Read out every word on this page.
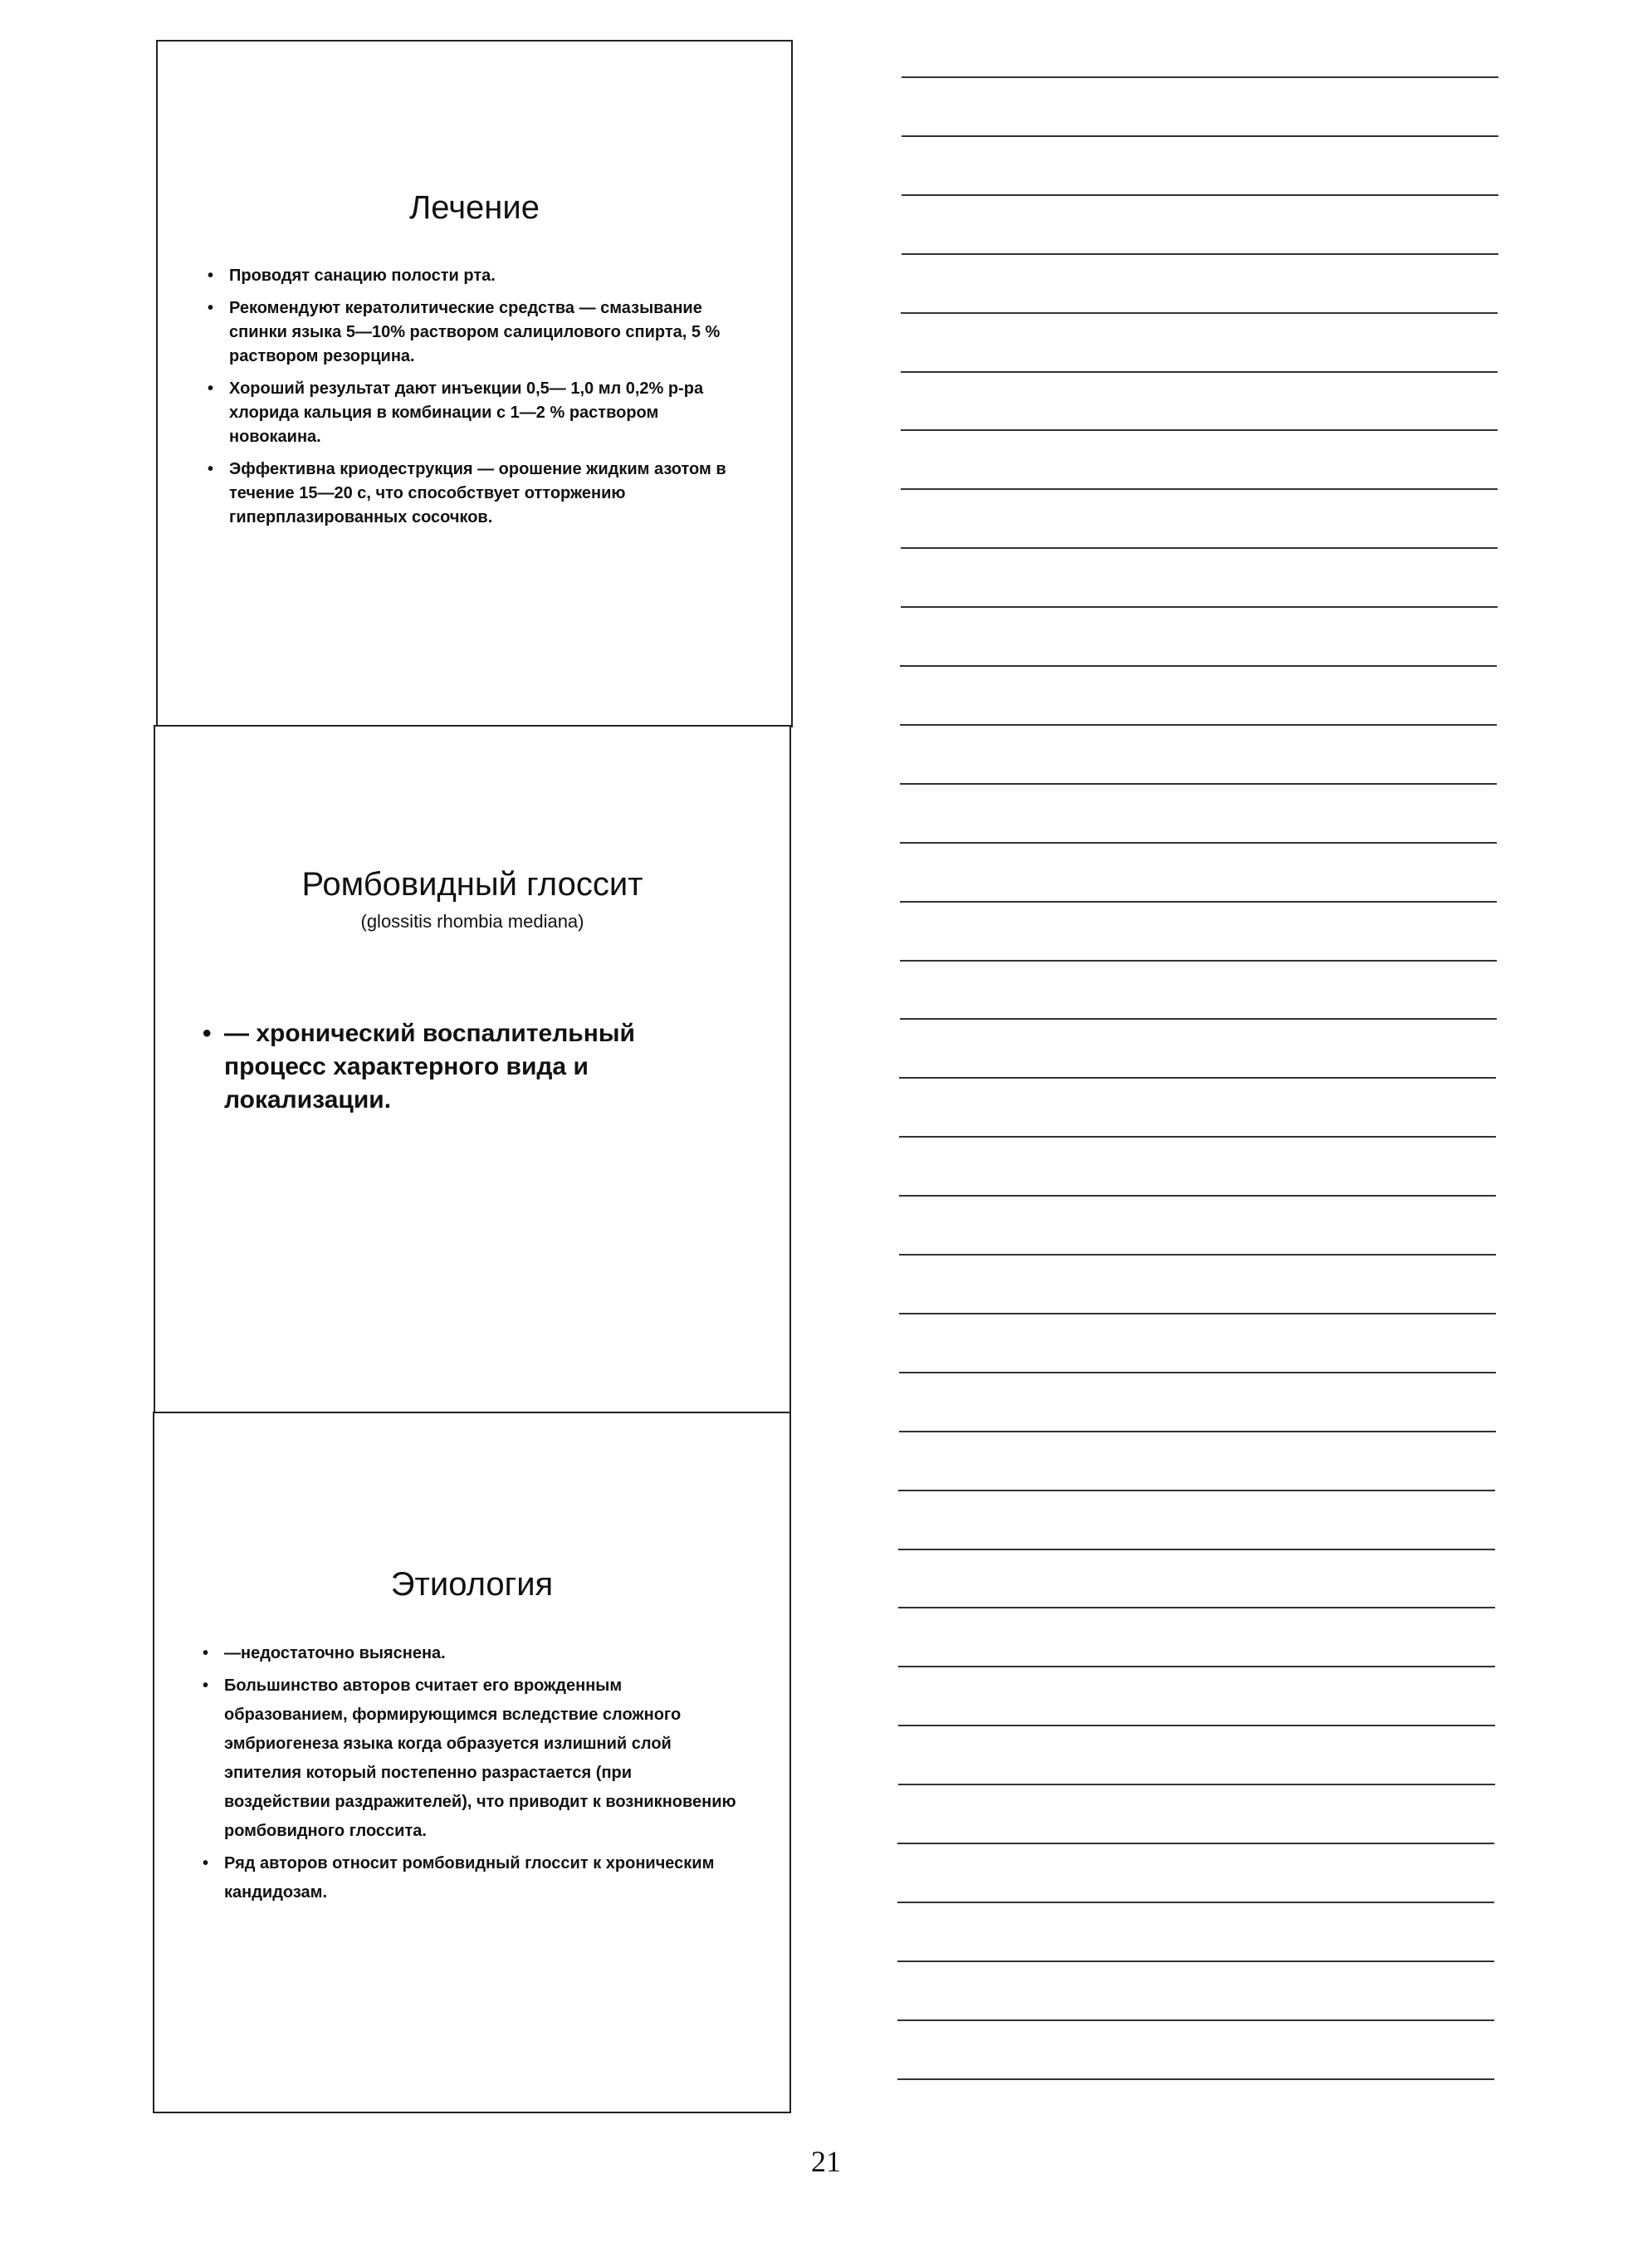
Лечение
• Проводят санацию полости рта.
• Рекомендуют кератолитические средства — смазывание спинки языка 5—10% раствором салицилового спирта, 5 % раствором резорцина.
• Хороший результат дают инъекции 0,5— 1,0 мл 0,2% р-ра хлорида кальция в комбинации с 1—2 % раствором новокаина.
• Эффективна криодеструкция — орошение жидким азотом в течение 15—20 с, что способствует отторжению гиперплазированных сосочков.
Ромбовидный глоссит
(glossitis rhombia mediana)
• — хронический воспалительный процесс характерного вида и локализации.
Этиология
• —недостаточно выяснена.
• Большинство авторов считает его врожденным образованием, формирующимся вследствие сложного эмбриогенеза языка когда образуется излишний слой эпителия который постепенно разрастается (при воздействии раздражителей), что приводит к возникновению ромбовидного глоссита.
• Ряд авторов относит ромбовидный глоссит к хроническим кандидозам.
21
